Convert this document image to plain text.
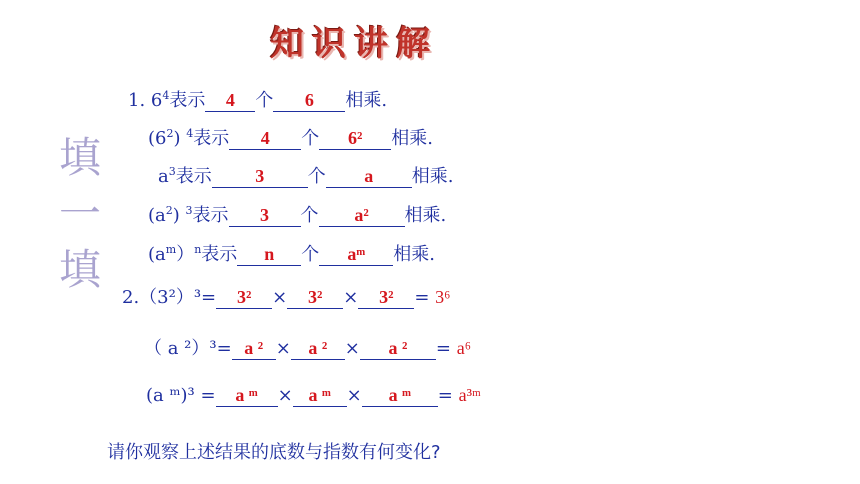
知识讲解
填
一
填
1. $6^4$表示 4 个 6 相乘.
$(6^2)$ $^4$表示 4 个 6² 相乘.
$a^3$表示 3 个 a 相乘.
$(a^2)$ $^3$表示 3 个 a² 相乘.
$(a^m)^n$表示 n 个 aᵐ 相乘.
2.（3²）³= 3² × 3² × 3² = 3⁶
（ a ²）³= a ² × a ² × a ² = a⁶
(a ᵐ)³ = a ᵐ × a ᵐ × a ᵐ = a³ᵐ
请你观察上述结果的底数与指数有何变化?
